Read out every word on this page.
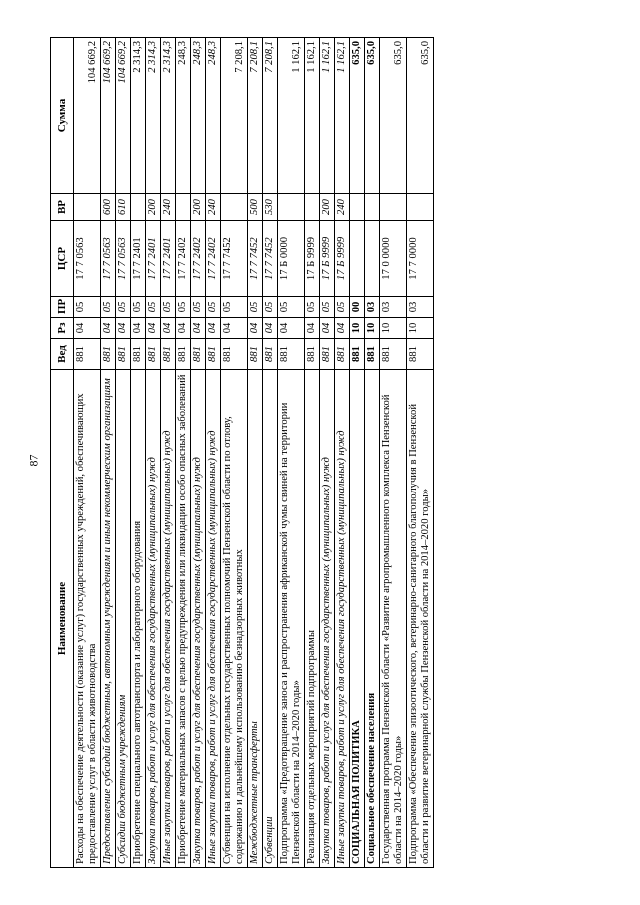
87
Наименование	Вед	Рз	ПР	ЦСР	ВР	Сумма
Расходы на обеспечение деятельности (оказание услуг) государственных учреждений, обеспечивающих предоставление услуг в области животноводства	881	04	05	17 7 0563		104 669,2
Предоставление субсидий бюджетным, автономным учреждениям и иным некоммерческим организациям	881	04	05	17 7 0563	600	104 669,2
Субсидии бюджетным учреждениям	881	04	05	17 7 0563	610	104 669,2
Приобретение специального автотранспорта и лабораторного оборудования	881	04	05	17 7 2401		2 314,3
Закупка товаров, работ и услуг для обеспечения государственных (муниципальных) нужд	881	04	05	17 7 2401	200	2 314,3
Иные закупки товаров, работ и услуг для обеспечения государственных (муниципальных) нужд	881	04	05	17 7 2401	240	2 314,3
Приобретение материальных запасов с целью предупреждения или ликвидации особо опасных заболеваний	881	04	05	17 7 2402		248,3
Закупка товаров, работ и услуг для обеспечения государственных (муниципальных) нужд	881	04	05	17 7 2402	200	248,3
Иные закупки товаров, работ и услуг для обеспечения государственных (муниципальных) нужд	881	04	05	17 7 2402	240	248,3
Субвенции на исполнение отдельных государственных полномочий Пензенской области по отлову, содержанию и дальнейшему использованию безнадзорных животных	881	04	05	17 7 7452		7 208,1
Межбюджетные трансферты	881	04	05	17 7 7452	500	7 208,1
Субвенции	881	04	05	17 7 7452	530	7 208,1
Подпрограмма «Предотвращение заноса и распространения африканской чумы свиней на территории Пензенской области на 2014–2020 годы»	881	04	05	17 Б 0000		1 162,1
Реализация отдельных мероприятий подпрограммы	881	04	05	17 Б 9999		1 162,1
Закупка товаров, работ и услуг для обеспечения государственных (муниципальных) нужд	881	04	05	17 Б 9999	200	1 162,1
Иные закупки товаров, работ и услуг для обеспечения государственных (муниципальных) нужд	881	04	05	17 Б 9999	240	1 162,1
СОЦИАЛЬНАЯ ПОЛИТИКА	881	10	00			635,0
Социальное обеспечение населения	881	10	03			635,0
Государственная программа Пензенской области «Развитие агропромышленного комплекса Пензенской области на 2014–2020 годы»	881	10	03	17 0 0000		635,0
Подпрограмма «Обеспечение эпизоотического, ветеринарно-санитарного благополучия в Пензенской области и развитие ветеринарной службы Пензенской области на 2014–2020 годы»	881	10	03	17 7 0000		635,0
